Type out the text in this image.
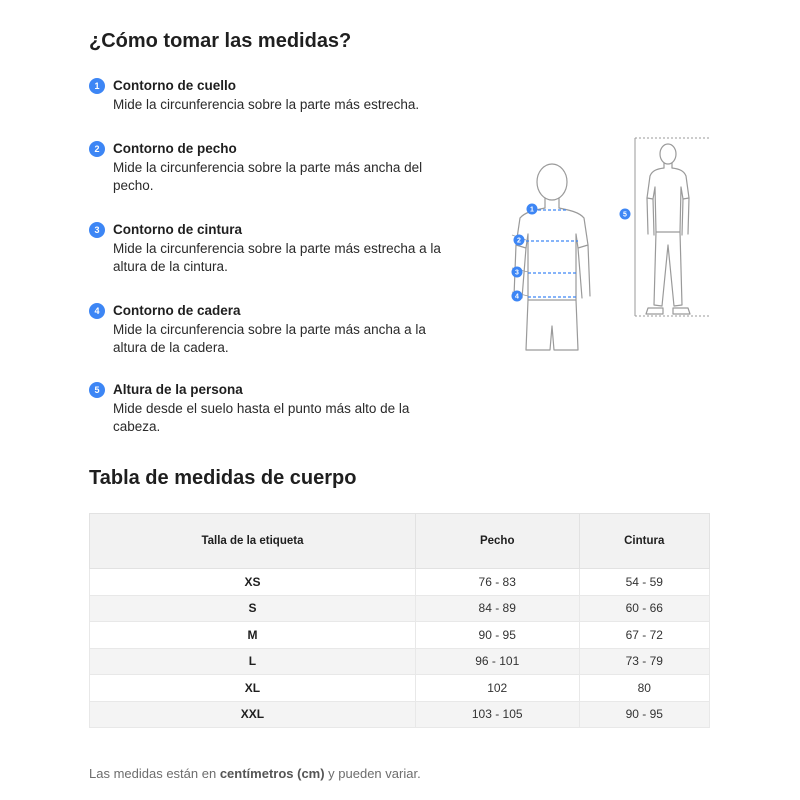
¿Cómo tomar las medidas?
1	Contorno de cuello
Mide la circunferencia sobre la parte más estrecha.
2	Contorno de pecho
Mide la circunferencia sobre la parte más ancha del pecho.
3	Contorno de cintura
Mide la circunferencia sobre la parte más estrecha a la altura de la cintura.
4	Contorno de cadera
Mide la circunferencia sobre la parte más ancha a la altura de la cadera.
5	Altura de la persona
Mide desde el suelo hasta el punto más alto de la cabeza.
1
2
3
4
5
Tabla de medidas de cuerpo
Talla de la etiqueta	Pecho	Cintura
XS	76 - 83	54 - 59
S	84 - 89	60 - 66
M	90 - 95	67 - 72
L	96 - 101	73 - 79
XL	102	80
XXL	103 - 105	90 - 95

Las medidas están en centímetros (cm) y pueden variar.
